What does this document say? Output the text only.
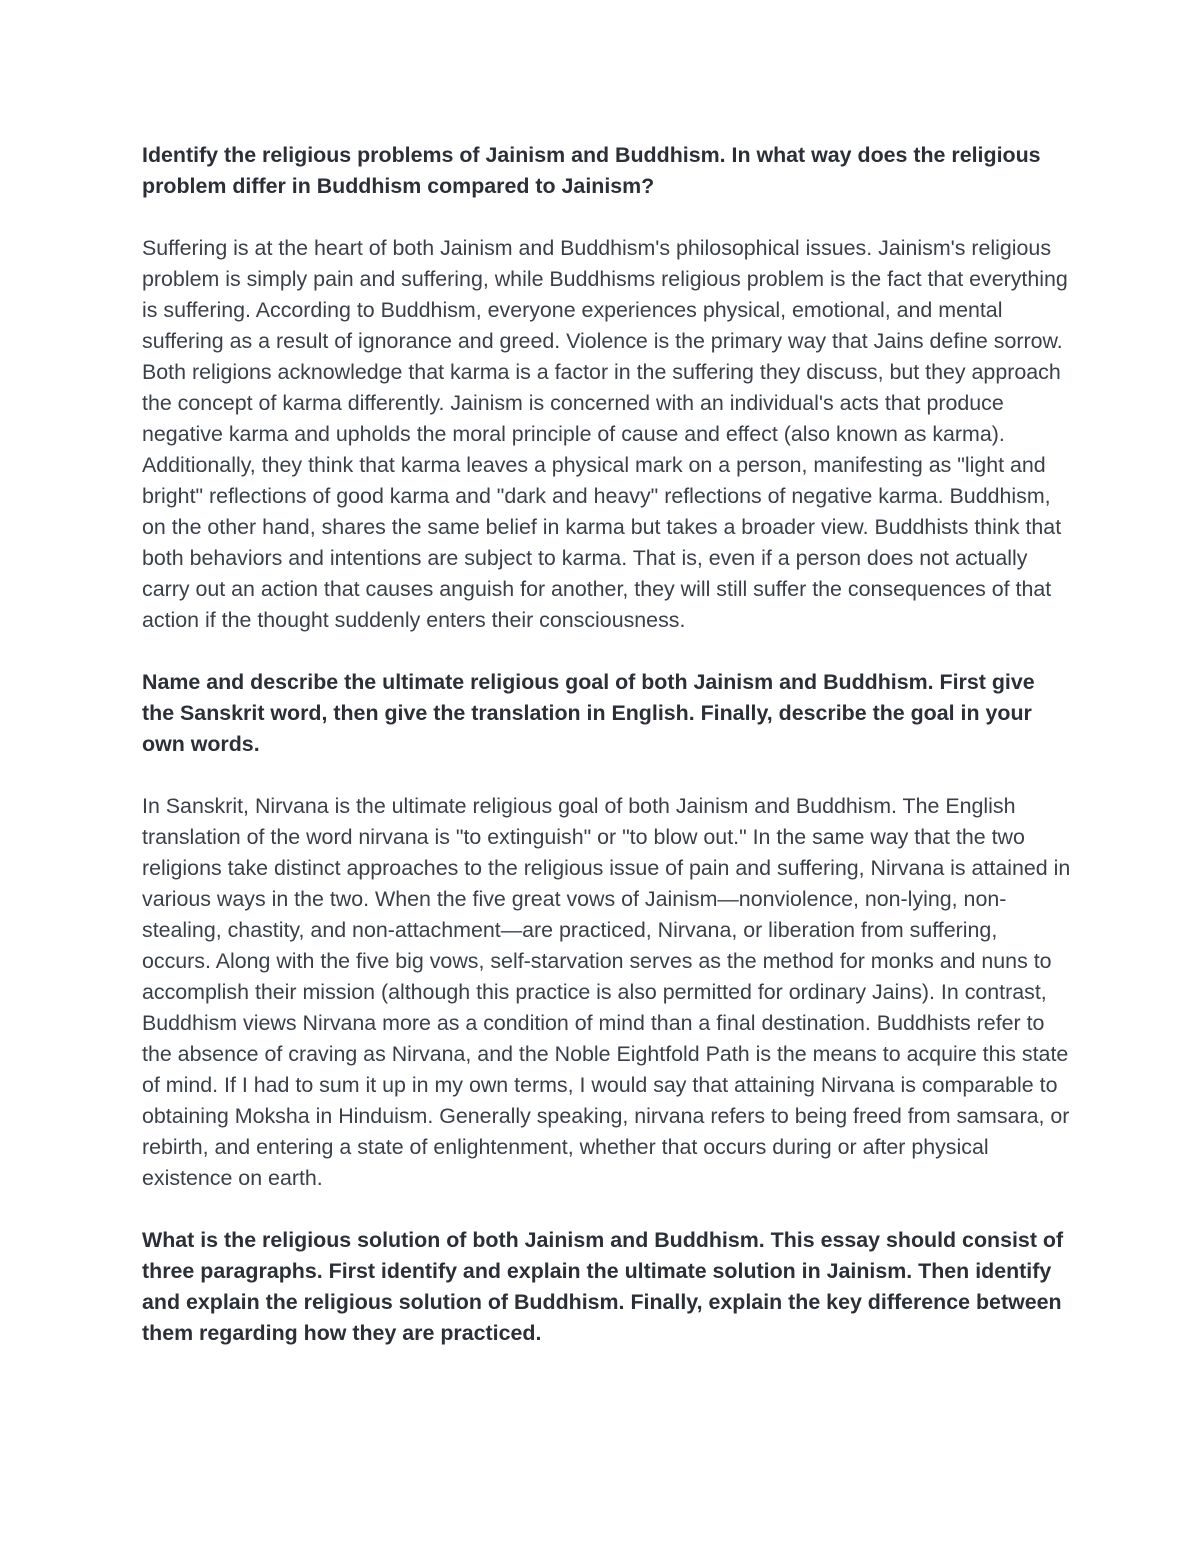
Identify the religious problems of Jainism and Buddhism. In what way does the religious problem differ in Buddhism compared to Jainism?

Suffering is at the heart of both Jainism and Buddhism's philosophical issues. Jainism's religious problem is simply pain and suffering, while Buddhisms religious problem is the fact that everything is suffering. According to Buddhism, everyone experiences physical, emotional, and mental suffering as a result of ignorance and greed. Violence is the primary way that Jains define sorrow. Both religions acknowledge that karma is a factor in the suffering they discuss, but they approach the concept of karma differently. Jainism is concerned with an individual's acts that produce negative karma and upholds the moral principle of cause and effect (also known as karma). Additionally, they think that karma leaves a physical mark on a person, manifesting as "light and bright" reflections of good karma and "dark and heavy" reflections of negative karma. Buddhism, on the other hand, shares the same belief in karma but takes a broader view. Buddhists think that both behaviors and intentions are subject to karma. That is, even if a person does not actually carry out an action that causes anguish for another, they will still suffer the consequences of that action if the thought suddenly enters their consciousness.

Name and describe the ultimate religious goal of both Jainism and Buddhism. First give the Sanskrit word, then give the translation in English. Finally, describe the goal in your own words.

In Sanskrit, Nirvana is the ultimate religious goal of both Jainism and Buddhism. The English translation of the word nirvana is "to extinguish" or "to blow out." In the same way that the two religions take distinct approaches to the religious issue of pain and suffering, Nirvana is attained in various ways in the two. When the five great vows of Jainism—nonviolence, non-lying, non-stealing, chastity, and non-attachment—are practiced, Nirvana, or liberation from suffering, occurs. Along with the five big vows, self-starvation serves as the method for monks and nuns to accomplish their mission (although this practice is also permitted for ordinary Jains). In contrast, Buddhism views Nirvana more as a condition of mind than a final destination. Buddhists refer to the absence of craving as Nirvana, and the Noble Eightfold Path is the means to acquire this state of mind. If I had to sum it up in my own terms, I would say that attaining Nirvana is comparable to obtaining Moksha in Hinduism. Generally speaking, nirvana refers to being freed from samsara, or rebirth, and entering a state of enlightenment, whether that occurs during or after physical existence on earth.

What is the religious solution of both Jainism and Buddhism. This essay should consist of three paragraphs. First identify and explain the ultimate solution in Jainism. Then identify and explain the religious solution of Buddhism. Finally, explain the key difference between them regarding how they are practiced.
